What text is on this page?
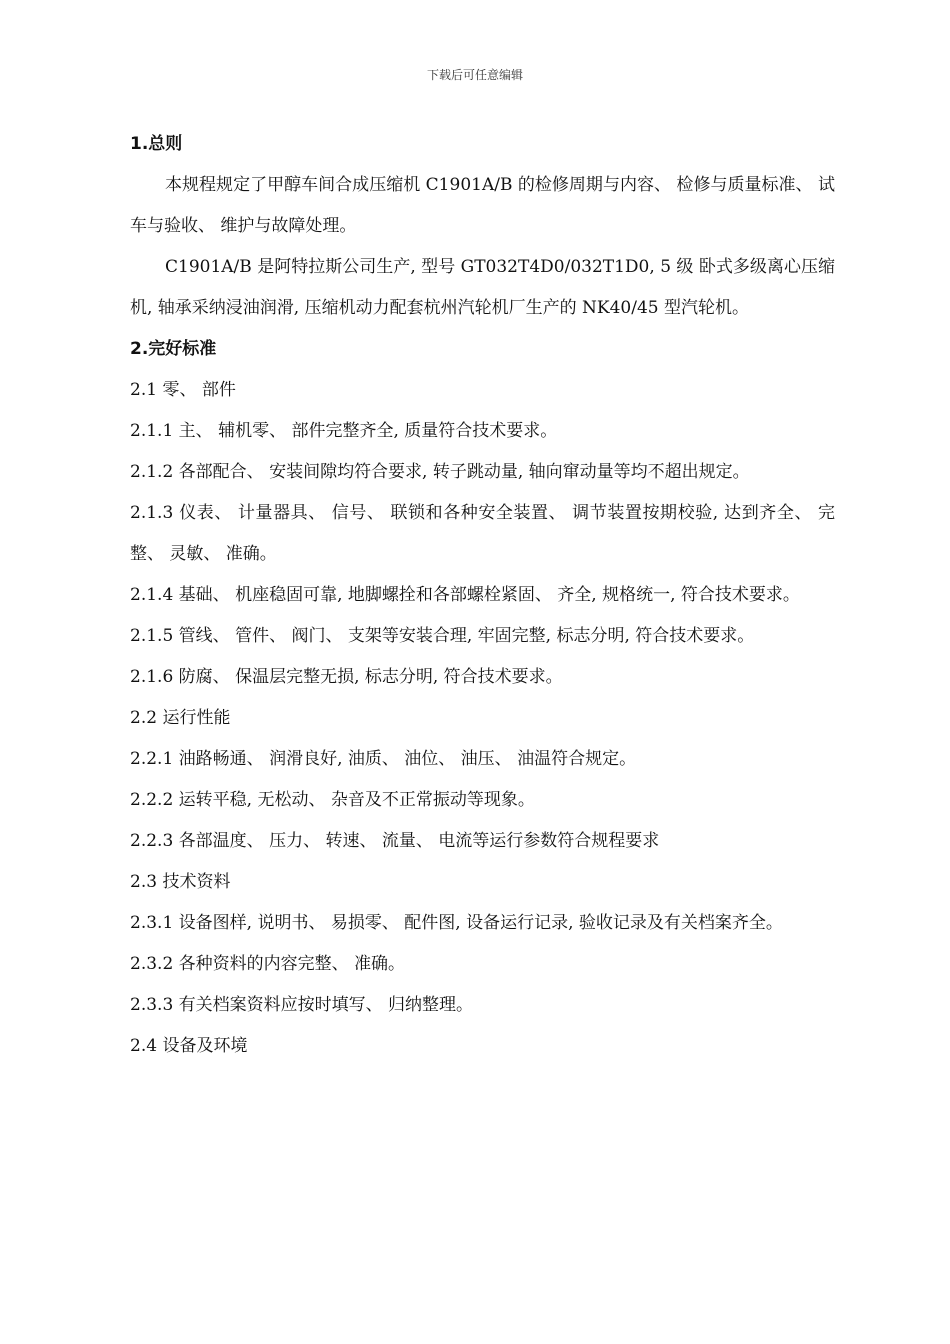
下载后可任意编辑
1.总则
本规程规定了甲醇车间合成压缩机 C1901A/B 的检修周期与内容、 检修与质量标准、 试车与验收、 维护与故障处理。
C1901A/B 是阿特拉斯公司生产, 型号 GT032T4D0/032T1D0, 5 级 卧式多级离心压缩机, 轴承采纳浸油润滑, 压缩机动力配套杭州汽轮机厂生产的 NK40/45 型汽轮机。
2.完好标准
2.1 零、 部件
2.1.1 主、 辅机零、 部件完整齐全, 质量符合技术要求。
2.1.2 各部配合、 安装间隙均符合要求, 转子跳动量, 轴向窜动量等均不超出规定。
2.1.3 仪表、 计量器具、 信号、 联锁和各种安全装置、 调节装置按期校验, 达到齐全、 完整、 灵敏、 准确。
2.1.4 基础、 机座稳固可靠, 地脚螺拴和各部螺栓紧固、 齐全, 规格统一, 符合技术要求。
2.1.5 管线、 管件、 阀门、 支架等安装合理, 牢固完整, 标志分明, 符合技术要求。
2.1.6 防腐、 保温层完整无损, 标志分明, 符合技术要求。
2.2 运行性能
2.2.1 油路畅通、 润滑良好, 油质、 油位、 油压、 油温符合规定。
2.2.2 运转平稳, 无松动、 杂音及不正常振动等现象。
2.2.3 各部温度、 压力、 转速、 流量、 电流等运行参数符合规程要求
2.3 技术资料
2.3.1 设备图样, 说明书、 易损零、 配件图, 设备运行记录, 验收记录及有关档案齐全。
2.3.2 各种资料的内容完整、 准确。
2.3.3 有关档案资料应按时填写、 归纳整理。
2.4 设备及环境
